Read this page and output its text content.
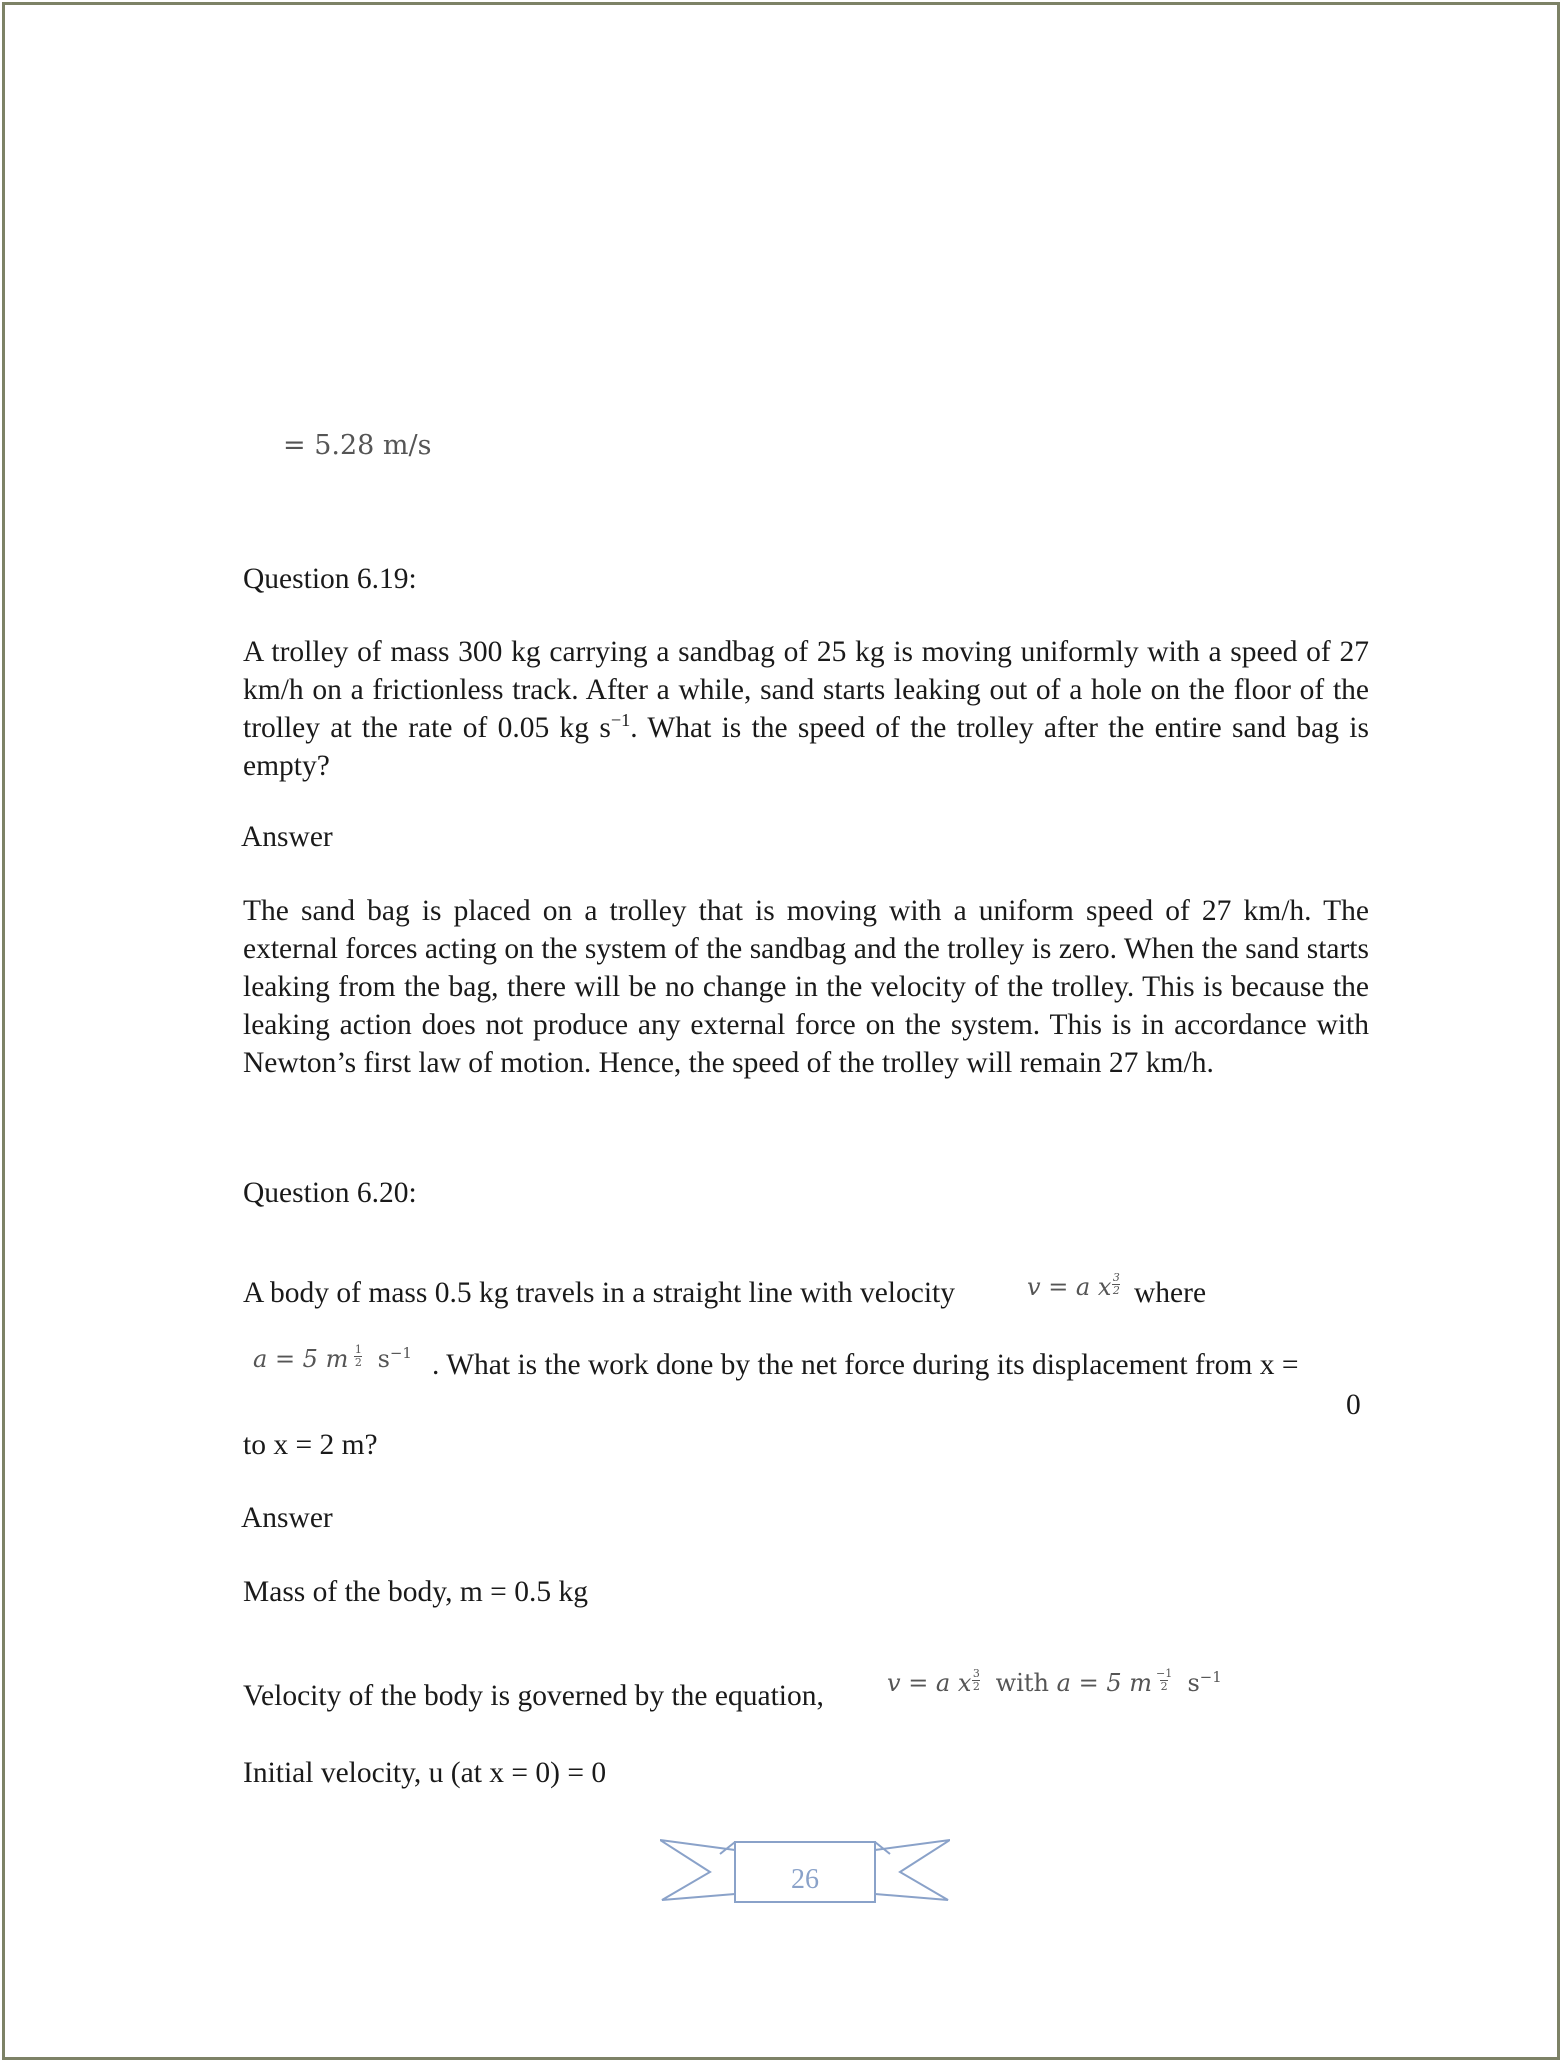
= 5.28 m/s

Question 6.19:

A trolley of mass 300 kg carrying a sandbag of 25 kg is moving uniformly with a speed of 27 km/h on a frictionless track. After a while, sand starts leaking out of a hole on the floor of the trolley at the rate of 0.05 kg $s^{-1}$. What is the speed of the trolley after the entire sand bag is empty?

Answer

The sand bag is placed on a trolley that is moving with a uniform speed of 27 km/h. The external forces acting on the system of the sandbag and the trolley is zero. When the sand starts leaking from the bag, there will be no change in the velocity of the trolley. This is because the leaking action does not produce any external force on the system. This is in accordance with Newton’s first law of motion. Hence, the speed of the trolley will remain 27 km/h.

Question 6.20:

A body of mass 0.5 kg travels in a straight line with velocity	v = a x $\frac{3}{2}$ where

a = 5 m $\frac{1}{2} s^{-1}$ . What is the work done by the net force during its displacement from x =

0

to x = 2 m?

Answer

Mass of the body, m = 0.5 kg

Velocity of the body is governed by the equation,	v = a x $\frac{3}{2}$ with a = 5 m $\frac{-1}{2} s^{-1}$

Initial velocity, u (at x = 0) = 0

26
